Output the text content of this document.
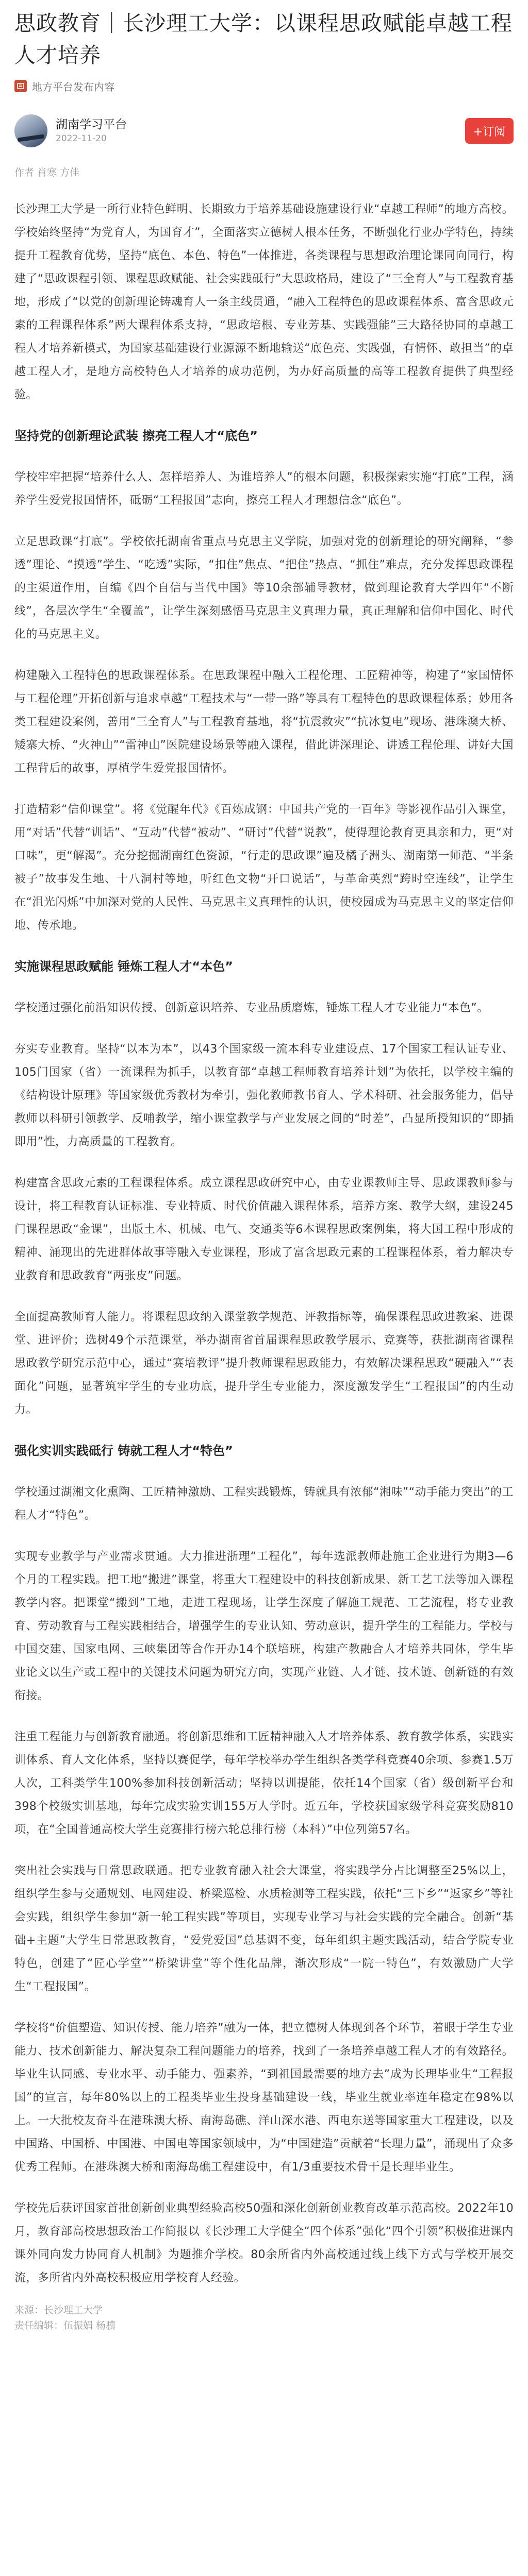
思政教育｜长沙理工大学：以课程思政赋能卓越工程人才培养
地方平台发布内容
湖南学习平台
2022-11-20
+订阅
作者 肖寒 方佳

长沙理工大学是一所行业特色鲜明、长期致力于培养基础设施建设行业“卓越工程师”的地方高校。学校始终坚持“为党育人，为国育才”，全面落实立德树人根本任务，不断强化行业办学特色，持续提升工程教育优势，坚持“底色、本色、特色”一体推进，各类课程与思想政治理论课同向同行，构建了“思政课程引领、课程思政赋能、社会实践砥行”大思政格局，建设了“三全育人”与工程教育基地，形成了“以党的创新理论铸魂育人一条主线贯通，“融入工程特色的思政课程体系、富含思政元素的工程课程体系”两大课程体系支持，“思政培根、专业芳基、实践强能”三大路径协同的卓越工程人才培养新模式，为国家基础建设行业源源不断地输送“底色亮、实践强，有情怀、敢担当”的卓越工程人才，是地方高校特色人才培养的成功范例，为办好高质量的高等工程教育提供了典型经验。

坚持党的创新理论武装 擦亮工程人才“底色”

学校牢牢把握“培养什么人、怎样培养人、为谁培养人”的根本问题，积极探索实施“打底”工程，涵养学生爱党报国情怀，砥砺“工程报国”志向，擦亮工程人才理想信念“底色”。

立足思政课“打底”。学校依托湖南省重点马克思主义学院，加强对党的创新理论的研究阐释，“参透”理论、“摸透”学生、“吃透”实际，“扣住”焦点、“把住”热点、“抓住”难点，充分发挥思政课程的主渠道作用，自编《四个自信与当代中国》等10余部辅导教材，做到理论教育大学四年“不断线”，各层次学生“全覆盖”，让学生深刻感悟马克思主义真理力量，真正理解和信仰中国化、时代化的马克思主义。

构建融入工程特色的思政课程体系。在思政课程中融入工程伦理、工匠精神等，构建了“家国情怀与工程伦理”开拓创新与追求卓越“工程技术与“一带一路”等具有工程特色的思政课程体系；妙用各类工程建设案例，善用“三全育人”与工程教育基地，将“抗震救灾”“抗冰复电”现场、港珠澳大桥、矮寨大桥、“火神山”“雷神山”医院建设场景等融入课程，借此讲深理论、讲透工程伦理、讲好大国工程背后的故事，厚植学生爱党报国情怀。

打造精彩“信仰课堂”。将《觉醒年代》《百炼成钢：中国共产党的一百年》等影视作品引入课堂，用“对话”代替“训话”、“互动”代替“被动”、“研讨”代替“说教”，使得理论教育更具亲和力，更“对口味”，更“解渴”。充分挖掘湖南红色资源，“行走的思政课”遍及橘子洲头、湖南第一师范、“半条被子”故事发生地、十八洞村等地，听红色文物“开口说话”，与革命英烈“跨时空连线”，让学生在“沮光闪烁”中加深对党的人民性、马克思主义真理性的认识，使校园成为马克思主义的坚定信仰地、传承地。

实施课程思政赋能 锤炼工程人才“本色”

学校通过强化前沿知识传授、创新意识培养、专业品质磨炼，锤炼工程人才专业能力“本色”。

夯实专业教育。坚持“以本为本”，以43个国家级一流本科专业建设点、17个国家工程认证专业、105门国家（省）一流课程为抓手，以教育部“卓越工程师教育培养计划”为依托，以学校主编的《结构设计原理》等国家级优秀教材为牵引，强化教师教书育人、学术科研、社会服务能力，倡导教师以科研引领教学、反哺教学，缩小课堂教学与产业发展之间的“时差”，凸显所授知识的“即插即用”性，力高质量的工程教育。

构建富含思政元素的工程课程体系。成立课程思政研究中心，由专业课教师主导、思政课教师参与设计，将工程教育认证标准、专业特质、时代价值融入课程体系，培养方案、教学大纲，建设245门课程思政“金课”，出版土木、机械、电气、交通类等6本课程思政案例集，将大国工程中形成的精神、涌现出的先进群体故事等融入专业课程，形成了富含思政元素的工程课程体系，着力解决专业教育和思政教育“两张皮”问题。

全面提高教师育人能力。将课程思政纳入课堂教学规范、评教指标等，确保课程思政进教案、进课堂、进评价；选树49个示范课堂，举办湖南省首届课程思政教学展示、竞赛等，获批湖南省课程思政教学研究示范中心，通过“赛培教评”提升教师课程思政能力，有效解决课程思政“硬融入”“表面化”问题，显著筑牢学生的专业功底，提升学生专业能力，深度激发学生“工程报国”的内生动力。

强化实训实践砥行 铸就工程人才“特色”

学校通过湖湘文化熏陶、工匠精神激励、工程实践锻炼，铸就具有浓郁“湘味”“动手能力突出”的工程人才“特色”。

实现专业教学与产业需求贯通。大力推进浙理“工程化”，每年选派教师赴施工企业进行为期3—6个月的工程实践。把工地“搬进”课堂，将重大工程建设中的科技创新成果、新工艺工法等加入课程教学内容。把课堂“搬到”工地，走进工程现场，让学生深度了解施工规范、工艺流程，将专业教育、劳动教育与工程实践相结合，增强学生的专业认知、劳动意识，提升学生的工程能力。学校与中国交建、国家电网、三峡集团等合作开办14个联培班，构建产教融合人才培养共同体，学生毕业论文以生产或工程中的关键技术问题为研究方向，实现产业链、人才链、技术链、创新链的有效衔接。

注重工程能力与创新教育融通。将创新思维和工匠精神融入人才培养体系、教育教学体系，实践实训体系、育人文化体系，坚持以赛促学，每年学校举办学生组织各类学科竞赛40余项、参赛1.5万人次，工科类学生100%参加科技创新活动；坚持以训提能，依托14个国家（省）级创新平台和398个校级实训基地，每年完成实验实训155万人学时。近五年，学校获国家级学科竞赛奖励810项，在“全国普通高校大学生竞赛排行榜六轮总排行榜（本科）”中位列第57名。

突出社会实践与日常思政联通。把专业教育融入社会大课堂，将实践学分占比调整至25%以上，组织学生参与交通规划、电网建设、桥梁巡检、水质检测等工程实践，依托“三下乡”“返家乡”等社会实践，组织学生参加“新一轮工程实践”等项目，实现专业学习与社会实践的完全融合。创新“基础+主题”大学生日常思政教育，“爱党爱国”总基调不变，每年组织主题实践活动，结合学院专业特色，创建了“匠心学堂”“桥梁讲堂”等个性化品牌，渐次形成“一院一特色”，有效激励广大学生“工程报国”。

学校将“价值塑造、知识传授、能力培养”融为一体，把立德树人体现到各个环节，着眼于学生专业能力、技术创新能力、解决复杂工程问题能力的培养，找到了一条培养卓越工程人才的有效路径。毕业生认同感、专业水平、动手能力、强素养，“到祖国最需要的地方去”成为长理毕业生“工程报国”的宣言，每年80%以上的工程类毕业生投身基础建设一线，毕业生就业率连年稳定在98%以上。一大批校友奋斗在港珠澳大桥、南海岛礁、洋山深水港、西电东送等国家重大工程建设，以及中国路、中国桥、中国港、中国电等国家领域中，为“中国建造”贡献着“长理力量”，涌现出了众多优秀工程师。在港珠澳大桥和南海岛礁工程建设中，有1/3重要技术骨干是长理毕业生。

学校先后获评国家首批创新创业典型经验高校50强和深化创新创业教育改革示范高校。2022年10月，教育部高校思想政治工作简报以《长沙理工大学健全“四个体系”强化“四个引领”积极推进课内课外同向发力协同育人机制》为题推介学校。80余所省内外高校通过线上线下方式与学校开展交流，多所省内外高校积极应用学校育人经验。

来源：长沙理工大学
责任编辑：伍振娟 杨骥
